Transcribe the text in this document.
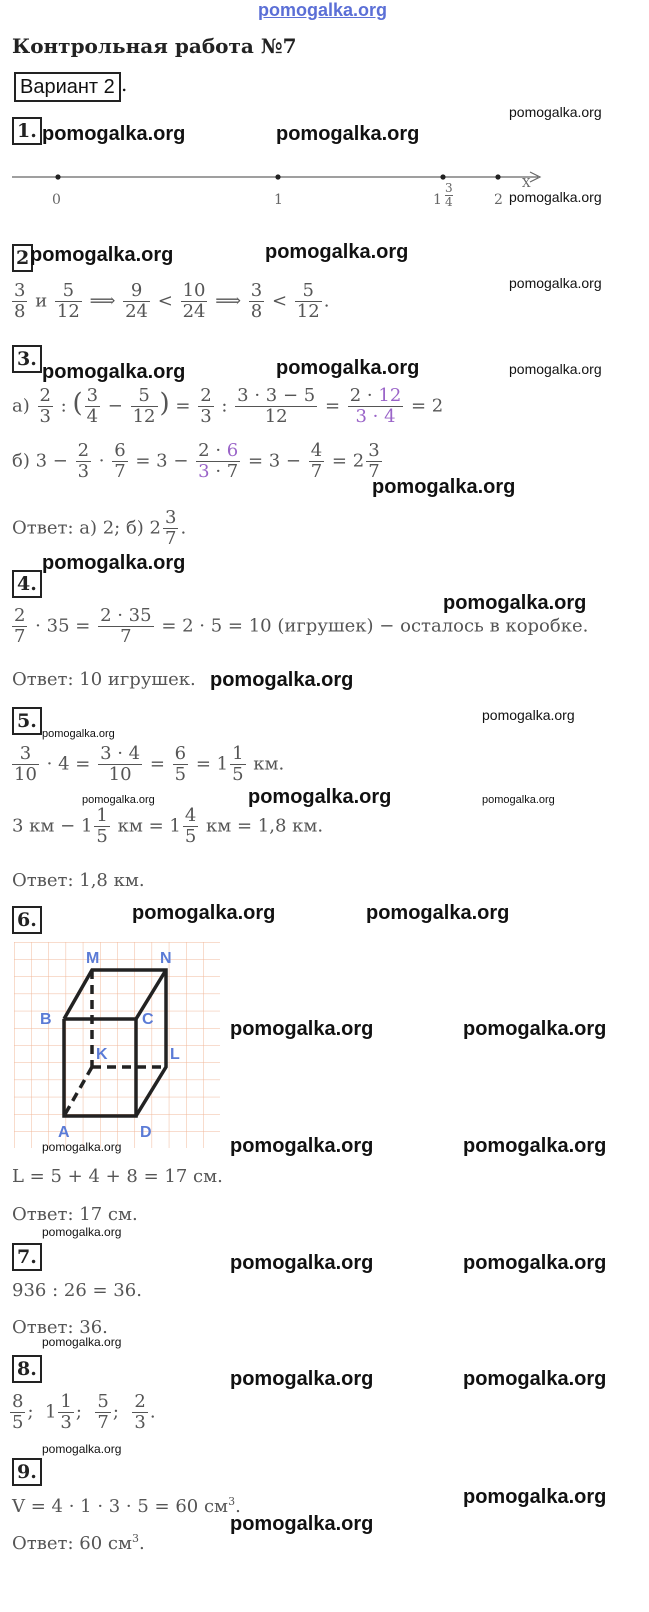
pomogalka.org
Контрольная работа №7
Вариант 2 .
1. pomogalka.org	pomogalka.org
pomogalka.org
0	1	$1 \frac{3}{4}$	2
X
pomogalka.org
2 pomogalka.org	pomogalka.org
pomogalka.org
$\frac{3}{8}$ и $\frac{5}{12}$ ⟹ $\frac{9}{24} < \frac{10}{24}$ ⟹ $\frac{3}{8} < \frac{5}{12}$ .
3.
pomogalka.org	pomogalka.org	pomogalka.org
$а) \frac{2}{3}$ : ( $\frac{3}{4} - \frac{5}{12}$ ) = $\frac{2}{3}$ : $\frac{3 \cdot 3 - 5}{12} = \frac{2 \cdot 12}{3 \cdot 4} = 2$
б) $3 - \frac{2}{3} \cdot \frac{6}{7} = 3 - \frac{2 \cdot 6}{3 \cdot 7} = 3 - \frac{4}{7} = 2 \frac{3}{7}$
pomogalka.org
Ответ: а) 2; б) $2 \frac{3}{7}$ .
pomogalka.org
4.
pomogalka.org
$\frac{2}{7} \cdot 35 = \frac{2 \cdot 35}{7} = 2 \cdot 5 = 10$ (игрушек) − осталось в коробке.
Ответ: 10 игрушек. pomogalka.org
5.
pomogalka.org
pomogalka.org
$\frac{3}{10} \cdot 4 = \frac{3 \cdot 4}{10} = \frac{6}{5} = 1 \frac{1}{5}$ км.
pomogalka.org	pomogalka.org	pomogalka.org
3 км − $1 \frac{1}{5}$ км = $1 \frac{4}{5}$ км = 1,8 км.
Ответ: 1,8 км.
6.	pomogalka.org	pomogalka.org
M	N
B	C
K	L
A	D
pomogalka.org	pomogalka.org
pomogalka.org	pomogalka.org	pomogalka.org
L = 5 + 4 + 8 = 17 см.
Ответ: 17 см.
pomogalka.org
7.	pomogalka.org	pomogalka.org
936 : 26 = 36.
Ответ: 36.
pomogalka.org
8.	pomogalka.org	pomogalka.org
$\frac{8}{5}$ ;  $1 \frac{1}{3}$ ; $\frac{5}{7}$ ; $\frac{2}{3}$ .
pomogalka.org
9.
pomogalka.org
V = 4 · 1 · 3 · 5 = 60 $см^3$.
pomogalka.org
Ответ: 60 $см^3$.
